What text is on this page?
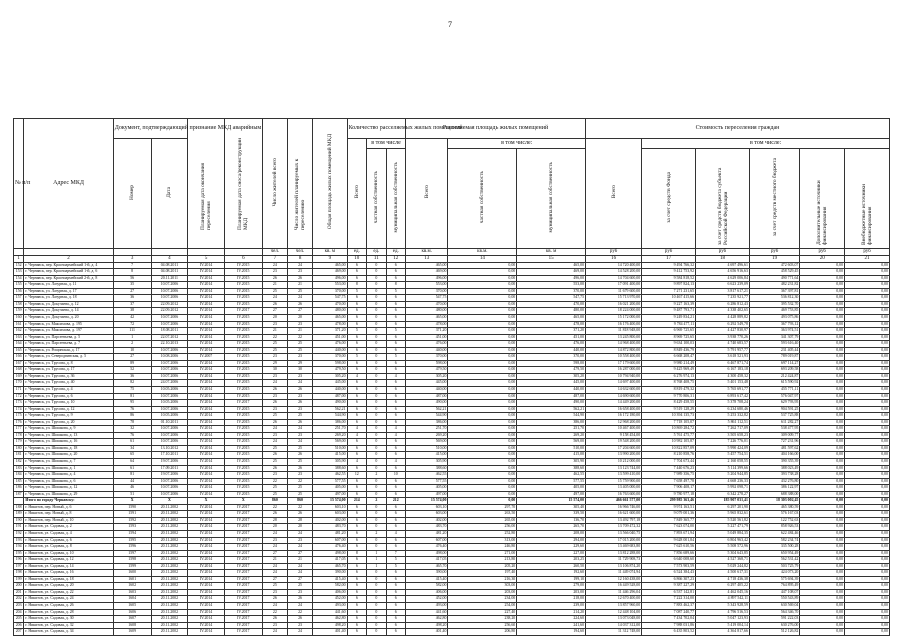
7
№ п/п	Адрес МКД	Документ, подтверждающий признание МКД аварийным		Планируемая дата окончания переселения	Планируемая дата сноса/реконструкции МКД	Число жителей всего	Число жителей планируемых к переселению	Общая площадь жилых помещений МКД	Количество расселяемых жилых помещений			Расселяемая площадь жилых помещений			Стоимость переселения граждан					
		Номер	Дата						Всего	в том числе		Всего	в том числе:		Всего	в том числе:				
										частная собственность	муниципальная собственность		частная собственность	муниципальная собственность		за счет средств Фонда	за счет средств бюджета субъекта Российской Федерации	за счет средств местного бюджета	Дополнительные источники финансирования	Внебюджетные источники финансирования
						чел.	чел.	кв. м	ед.	ед.	ед.	кв.м.	кв.м.	кв. м	руб	руб	руб	руб	руб	руб
1	2	3	4	5	6	7	8	9	10	11	12	13	14	15	16	17	18	19	20	21
152	г. Чернавск, пер. Красноармейский 1-й, д. 4	7	04.08.2011	IV.2014	IV.2015	24	24	465,00	6	0	6	465,00	0,00	465,00	14 720 400,00	9 494 766,32	4 697 496,61	472 603,07	0,00	0,00
153	г. Чернавск, пер. Красноармейский 1-й, д. 6	8	04.08.2011	IV.2014	IV.2015	23	23	469,00	6	0	6	469,00	0,00	469,00	14 528 200,00	9 412 753,92	4 656 916,63	458 529,45	0,00	0,00
154	г. Чернавск, пер. Красноармейский 2-й, д. 8	56	20.11.2011	IV.2014	IV.2015	26	26	496,00	6	0	6	496,00	0,00	496,00	14 704 600,00	9 584 818,52	4 629 006,84	490 771,64	0,00	0,00
155	г. Чернавск, ул. Лазурная, д. 11	35	10.07.2006	IV.2014	IV.2015	21	21	553,00	8	0	8	553,00	0,00	553,00	17 091 400,00	9 897 824,13	6 623 239,09	482 231,82	0,00	0,00
156	г. Чернавск, ул. Лазурная, д. 17	27	10.07.2006	IV.2014	IV.2015	25	25	370,00	5	0	5	370,00	0,00	370,00	11 679 600,00	7 271 231,65	3 817 617,21	367 397,81	0,00	0,00
157	г. Чернавск, ул. Лазурная, д. 18	36	10.07.2006	IV.2014	IV.2015	24	24	547,75	6	0	6	547,75	0,00	547,75	15 713 970,00	10 467 415,66	7 235 921,77	536 812,30	0,00	0,00
158	г. Чернавск, ул. Докучаева, д. 12	37	22.09.2012	IV.2014	IV.2015	26	26	470,00	6	0	6	470,00	0,00	470,00	16 021 200,00	9 227 163,39	6 286 812,43	395 532,70	0,00	0,00
159	г. Чернавск, ул. Докучаева, д. 14	38	22.09.2012	IV.2014	IV.2017	27	27	480,00	6	0	6	480,00	0,00	480,00	18 224 000,00	9 487 793,71	4 338 402,65	469 753,85	0,00	0,00
160	г. Чернавск, ул. Докучаева, д. 20	42	10.07.2006	IV.2014	IV.2015	20	20	465,00	6	0	6	465,00	0,00	465,00	15 172 000,00	9 249 834,21	4 428 889,82	493 075,86	0,00	0,00
161	г. Чернавск, ул. Максимова, д. 195	72	10.07.2006	IV.2014	IV.2015	23	23	478,00	6	0	6	478,00	0,00	478,00	16 176 400,00	9 784 477,11	6 292 549,78	367 793,12	0,00	0,00
162	г. Чернавск, ул. Максимова, д. 197	111	18.08.2011	IV.2014	IV.2015	21	21	371,20	5	0	5	371,20	0,00	371,20	11 818 948,00	6 969 725,65	4 427 830,97	363 974,51	0,00	0,00
163	г. Чернавск, ул. Парсентьева, д. 5	1	22.07.2012	IV.2014	IV.2015	22	22	451,00	6	0	6	451,00	0,00	451,00	13 245 800,00	8 969 725,65	3 938 770,26	341 307,79	0,00	0,00
164	г. Чернавск, ул. Парсентьева, д. 7	2	22.10.2013	IV.2014	IV.2015	25	25	476,00	6	0	6	476,00	0,00	476,00	14 968 400,00	9 634 100,03	4 740 683,57	593 616,40	0,00	0,00
165	г. Чернавск, ул. Рощинская, д. 17	10	10.07.2006	IV.2014	IV.2015	25	25	440,00	6	0	6	440,00	0,00	440,00	14 872 800,00	8 849 436,79	5 791 957,77	231 405,44	0,00	0,00
166	г. Чернавск, ул. Северодвинская, д. 5	27	10.08.2006	IV.2007	IV.2015	23	23	370,00	5	0	5	370,00	0,00	370,00	10 558 400,00	6 668 208,47	3 618 521,93	789 019,87	0,00	0,00
167	г. Чернавск, ул. Трусова, д. 8	89	10.07.2006	IV.2014	IV.2015	29	29	598,00	6	0	6	598,00	0,00	598,00	17 179 600,00	9 980 214,49	6 467 871,74	697 114,27	0,00	0,00
168	г. Чернавск, ул. Трусова, д. 17	52	10.07.2006	IV.2014	IV.2015	30	30	479,50	6	0	6	479,50	0,00	479,50	16 287 000,00	9 425 969,49	6 167 183,18	693 209,58	0,00	0,00
169	г. Чернавск, ул. Трусова, д. 36	36	10.07.2006	IV.2014	IV.2015	23	23	305,20	4	0	4	305,20	0,00	305,20	10 794 940,00	6 276 974,13	4 300 458,32	212 424,87	0,00	0,00
170	г. Чернавск, ул. Трусова, д. 40	82	24.07.2006	IV.2014	IV.2015	24	24	445,00	6	0	6	445,00	0,00	445,00	14 697 400,00	8 768 408,75	5 401 153,48	615 590,92	0,00	0,00
171	г. Чернавск, ул. Трусова, д. 4	75	10.05.2006	IV.2014	IV.2015	26	26	440,00	6	0	6	440,00	0,00	440,00	14 632 600,00	8 819 479,32	5 765 691,77	455 771,11	0,00	0,00
172	г. Чернавск, ул. Трусова, д. 6	81	10.07.2006	IV.2014	IV.2015	23	23	487,00	6	0	6	487,00	0,00	487,00	14 690 600,00	9 770 806,31	6 893 617,42	576 047,97	0,00	0,00
173	г. Чернавск, ул. Трусова, д. 10	95	10.05.2006	IV.2014	IV.2017	26	26	490,00	6	0	6	490,00	0,00	490,00	14 449 200,00	8 429 458,55	5 378 708,24	629 793,95	0,00	0,00
174	г. Чернавск, ул. Трусова, д. 12	76	10.07.2006	IV.2014	IV.2015	23	23	562,21	6	0	6	562,21	0,00	562,21	16 658 400,00	9 519 128,29	6 234 680,46	904 591,25	0,00	0,00
175	г. Чернавск, ул. Трусова, д. 9	86	10.05.2006	IV.2014	IV.2015	25	25	544,90	6	0	6	544,90	0,00	544,90	16 172 180,00	10 394 135,73	5 253 332,82	537 725,88	0,00	0,00
176	г. Чернавск, ул. Трусова, д. 20	78	01.10.2011	IV.2014	IV.2015	26	26	386,00	6	0	6	386,00	0,00	386,00	12 968 200,00	7 718 105,07	5 861 112,51	611 282,27	0,00	0,00
177	г. Чернавск, ул. Шишкова, д. 9	32	10.07.2006	IV.2014	IV.2015	24	24	251,70	4	0	4	251,70	0,00	251,70	10 467 400,00	10 869 284,72	7 262 717,09	538 477,95	0,00	0,00
178	г. Чернавск, ул. Шишкова, д. 13	76	10.07.2006	IV.2014	IV.2015	23	23	269,20	4	0	4	269,20	0,00	269,20	9 158 454,00	5 761 475,77	3 505 658,23	309 009,77	0,00	0,00
179	г. Чернавск, ул. Шишкова, д. 16	61	10.07.2006	IV.2014	IV.2015	24	24	569,00	6	0	6	569,00	0,00	569,00	19 548 200,00	10 982 105,87	7 226 776,01	727 231,96	0,00	0,00
180	г. Чернавск, ул. Шишкова, д. 18	34	13.10.2012	IV.2014	IV.2015	25	25	510,00	6	0	6	510,00	0,00	510,00	17 204 600,00	10 822 857,09	5 990 424,09	481 597,62	0,00	0,00
181	г. Чернавск, ул. Шишкова, д. 20	65	17.10.2011	IV.2014	IV.2015	26	26	415,00	6	0	6	415,00	0,00	415,00	13 990 200,00	8 210 858,76	5 457 754,51	404 166,00	0,00	0,00
182	г. Чернавск, ул. Шишкова, д. 7	64	19.07.2006	IV.2014	IV.2015	25	25	305,90	4	0	4	305,90	0,00	305,90	10 212 000,00	7 704 673,44	2 160 058,55	390 355,39	0,00	0,00
183	г. Чернавск, ул. Шишкова, д. 1	61	17.09.2011	IV.2014	IV.2015	26	26	388,60	6	0	6	388,60	0,00	388,60	13 123 744,00	7 440 676,23	5 114 399,66	388 023,49	0,00	0,00
184	г. Чернавск, ул. Шишкова, д. 4	81	19.07.2006	IV.2014	IV.2015	23	23	462,55	12	2	10	462,55	0,00	462,55	13 599 410,00	7 989 356,75	5 204 944,85	393 738,28	0,00	0,00
185	г. Чернавск, ул. Шишкова, д. 6	44	10.07.2006	IV.2014	IV.2015	22	22	577,55	6	0	6	577,55	0,00	577,55	15 759 900,00	7 658 497,78	4 668 236,33	432 276,80	0,00	0,00
186	г. Чернавск, ул. Шишкова, д. 12	46	10.07.2006	IV.2014	IV.2015	25	25	405,00	6	0	6	405,00	0,00	405,00	13 405 000,00	7 906 408,17	5 992 098,71	386 122,97	0,00	0,00
187	г. Чернавск, ул. Шишкова, д. 29	51	10.07.2006	IV.2014	IV.2015	25	25	497,00	6	0	6	497,00	0,00	497,00	16 763 600,00	9 780 977,18	6 342 278,27	688 388,00	0,00	0,00
	Итого по городу Чернавску:	X	X	X	X	860	860	15 574,00	214	2	212	15 574,00	0,00	15 574,00	466 661 577,00	299 985 363,46	185 907 031,41	18 303 002,45	0,00	0,00
188	г. Никитов, пер. Новый, д. 6	1590	20.11.2002	IV.2014	IV.2017	22	22	603,10	6	0	6	603,10	297,70	305,40	16 966 746,00	9 974 163,51	6 297 201,90	465 380,59	0,00	0,00
189	г. Никитов, пер. Новый, д. 8	1591	20.11.2002	IV.2014	IV.2017	26	26	603,00	6	0	6	603,00	263,50	339,50	16 621 600,00	9 079 001,36	5 965 832,61	576 167,03	0,00	0,00
190	г. Никитов, пер. Новый, д. 10	1592	20.11.2002	IV.2014	IV.2017	28	28	402,00	6	0	6	402,00	265,00	136,70	13 492 797,18	7 849 365,77	5 520 561,82	122 752,63	0,00	0,00
191	г. Никитов, ул. Садовая, д. 2	1593	20.11.2002	IV.2014	IV.2017	20	20	483,70	6	0	6	483,70	256,00	265,70	13 709 472,32	7 623 074,00	5 227 471,79	858 926,53	0,00	0,00
192	г. Никитов, ул. Садовая, д. 4	1594	20.11.2002	IV.2014	IV.2017	24	24	481,20	6	2	4	481,20	252,80	208,00	13 566 040,75	7 893 671,94	5 049 884,35	622 484,46	0,00	0,00
193	г. Никитов, ул. Садовая, д. 6	1595	20.11.2002	IV.2014	IV.2017	23	23	607,00	6	0	6	607,00	313,00	294,00	17 015 200,00	9 628 001,84	6 804 963,42	582 234,74	0,00	0,00
194	г. Никитов, ул. Садовая, д. 8	1596	20.11.2002	IV.2014	IV.2017	24	24	476,40	6	0	6	476,40	246,80	229,60	13 469 683,80	7 625 610,56	5 508 572,96	335 500,28	0,00	0,00
195	г. Никитов, ул. Садовая, д. 10	1597	20.11.2002	IV.2014	IV.2017	27	27	498,00	8	1	7	498,00	271,00	227,00	13 812 288,00	7 856 689,66	5 304 643,85	650 954,49	0,00	0,00
196	г. Никитов, ул. Садовая, д. 12	1598	20.11.2002	IV.2014	IV.2017	21	21	417,05	6	1	5	417,05	213,80	203,25	11 729 908,73	6 640 008,60	4 527 368,71	562 531,42	0,00	0,00
197	г. Никитов, ул. Садовая, д. 14	1599	20.11.2002	IV.2014	IV.2017	24	24	465,70	6	1	5	465,70	205,20	260,50	13 106 874,20	7 573 903,59	5 029 244,82	503 725,79	0,00	0,00
198	г. Никитов, ул. Садовая, д. 16	1600	20.11.2002	IV.2014	IV.2017	24	24	390,00	6	0	6	390,00	197,40	192,60	11 449 074,94	6 524 384,43	4 500 617,31	424 073,20	0,00	0,00
199	г. Никитов, ул. Садовая, д. 18	1601	20.11.2002	IV.2014	IV.2017	27	27	415,40	6	0	6	415,40	216,30	199,10	12 160 438,00	6 866 307,23	4 718 436,38	575 694,39	0,00	0,00
200	г. Никитов, ул. Садовая, д. 20	1602	20.11.2002	IV.2014	IV.2017	25	25	582,00	6	0	6	582,00	303,00	279,00	16 449 528,00	9 387 227,29	6 297 405,22	764 895,49	0,00	0,00
201	г. Никитов, ул. Садовая, д. 22	1603	20.11.2002	IV.2014	IV.2017	23	23	406,00	6	0	6	406,00	203,00	203,00	11 446 296,04	6 537 142,81	4 462 045,16	447 108,07	0,00	0,00
202	г. Никитов, ул. Садовая, д. 24	1604	20.11.2002	IV.2014	IV.2017	26	26	452,00	6	0	6	452,00	234,00	218,00	12 670 400,00	7 222 314,00	4 897 542,11	550 543,89	0,00	0,00
203	г. Никитов, ул. Садовая, д. 26	1605	20.11.2002	IV.2014	IV.2017	24	24	493,00	6	0	6	493,00	254,00	239,00	13 857 960,00	7 883 462,37	5 343 928,59	630 569,04	0,00	0,00
204	г. Никитов, ул. Садовая, д. 28	1606	20.11.2002	IV.2014	IV.2017	22	22	441,60	6	0	6	441,60	227,40	214,20	12 448 104,00	7 087 240,77	4 796 516,53	564 346,70	0,00	0,00
205	г. Никитов, ул. Садовая, д. 30	1607	20.11.2002	IV.2014	IV.2017	26	26	462,80	6	0	6	462,80	238,20	224,60	13 073 048,00	7 434 702,04	5 047 123,93	591 222,03	0,00	0,00
206	г. Никитов, ул. Садовая, д. 32	1608	20.11.2002	IV.2014	IV.2017	23	23	498,20	6	0	6	498,20	256,60	241,60	14 037 312,00	7 988 031,86	5 419 004,14	630 276,00	0,00	0,00
207	г. Никитов, ул. Садовая, д. 34	1609	20.11.2002	IV.2014	IV.2017	24	24	401,40	6	0	6	401,40	206,80	194,60	11 312 748,00	6 435 803,52	4 364 817,66	512 126,82	0,00	0,00
